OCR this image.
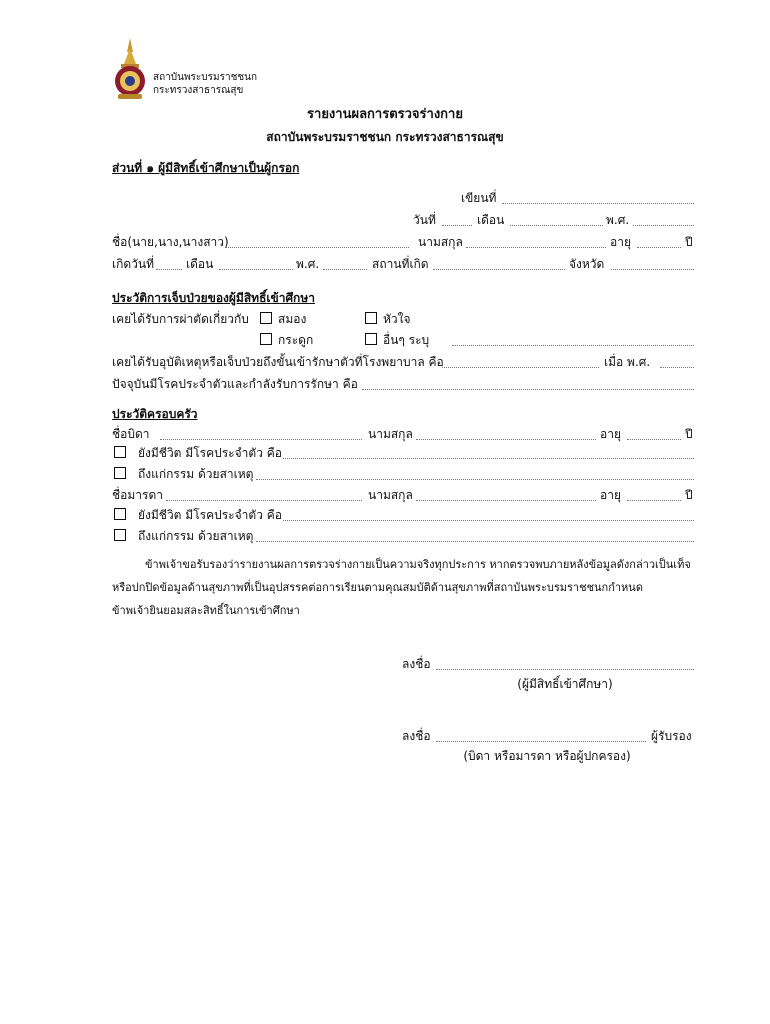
สถาบันพระบรมราชชนก
กระทรวงสาธารณสุข
รายงานผลการตรวจร่างกาย
สถาบันพระบรมราชชนก กระทรวงสาธารณสุข
ส่วนที่ ๑ ผู้มีสิทธิ์เข้าศึกษาเป็นผู้กรอก
เขียนที่
วันที่	เดือน	พ.ศ.
ชื่อ(นาย,นาง,นางสาว)	นามสกุล	อายุ	ปี
เกิดวันที่	เดือน	พ.ศ.	สถานที่เกิด	จังหวัด
ประวัติการเจ็บป่วยของผู้มีสิทธิ์เข้าศึกษา
เคยได้รับการผ่าตัดเกี่ยวกับ สมอง	หัวใจ
กระดูก	อื่นๆ ระบุ
เคยได้รับอุบัติเหตุหรือเจ็บป่วยถึงขั้นเข้ารักษาตัวที่โรงพยาบาล คือ	เมื่อ พ.ศ.
ปัจจุบันมีโรคประจำตัวและกำลังรับการรักษา คือ
ประวัติครอบครัว
ชื่อบิดา	นามสกุล	อายุ	ปี
ยังมีชีวิต มีโรคประจำตัว คือ
ถึงแก่กรรม ด้วยสาเหตุ
ชื่อมารดา	นามสกุล	อายุ	ปี
ยังมีชีวิต มีโรคประจำตัว คือ
ถึงแก่กรรม ด้วยสาเหตุ
ข้าพเจ้าขอรับรองว่ารายงานผลการตรวจร่างกายเป็นความจริงทุกประการ หากตรวจพบภายหลังข้อมูลดังกล่าวเป็นเท็จ
หรือปกปิดข้อมูลด้านสุขภาพที่เป็นอุปสรรคต่อการเรียนตามคุณสมบัติด้านสุขภาพที่สถาบันพระบรมราชชนกกำหนด
ข้าพเจ้ายินยอมสละสิทธิ์ในการเข้าศึกษา
ลงชื่อ
(ผู้มีสิทธิ์เข้าศึกษา)
ลงชื่อ	ผู้รับรอง
(บิดา หรือมารดา หรือผู้ปกครอง)
